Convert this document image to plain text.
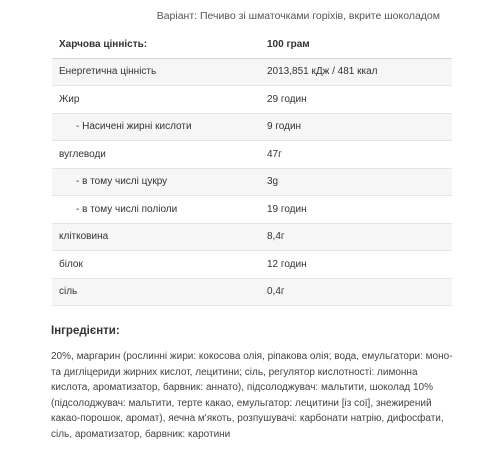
Варіант: Печиво зі шматочками горіхів, вкрите шоколадом
Харчова цінність:	100 грам
Енергетична цінність	2013,851 кДж / 481 ккал
Жир	29 годин
- Насичені жирні кислоти	9 годин
вуглеводи	47г
- в тому числі цукру	3g
- в тому числі поліоли	19 годин
клітковина	8,4г
білок	12 годин
сіль	0,4г
Інгредієнти:
20%, маргарин (рослинні жири: кокосова олія, ріпакова олія; вода, емульгатори: моно-
та дигліцериди жирних кислот, лецитини; сіль, регулятор кислотності: лимонна
кислота, ароматизатор, барвник: аннато), підсолоджувач: мальтити, шоколад 10%
(підсолоджувач: мальтити, терте какао, емульгатор: лецитини [із сої], знежирений
какао-порошок, аромат), яечна м'якоть, розпушувачі: карбонати натрію, дифосфати,
сіль, ароматизатор, барвник: каротини
